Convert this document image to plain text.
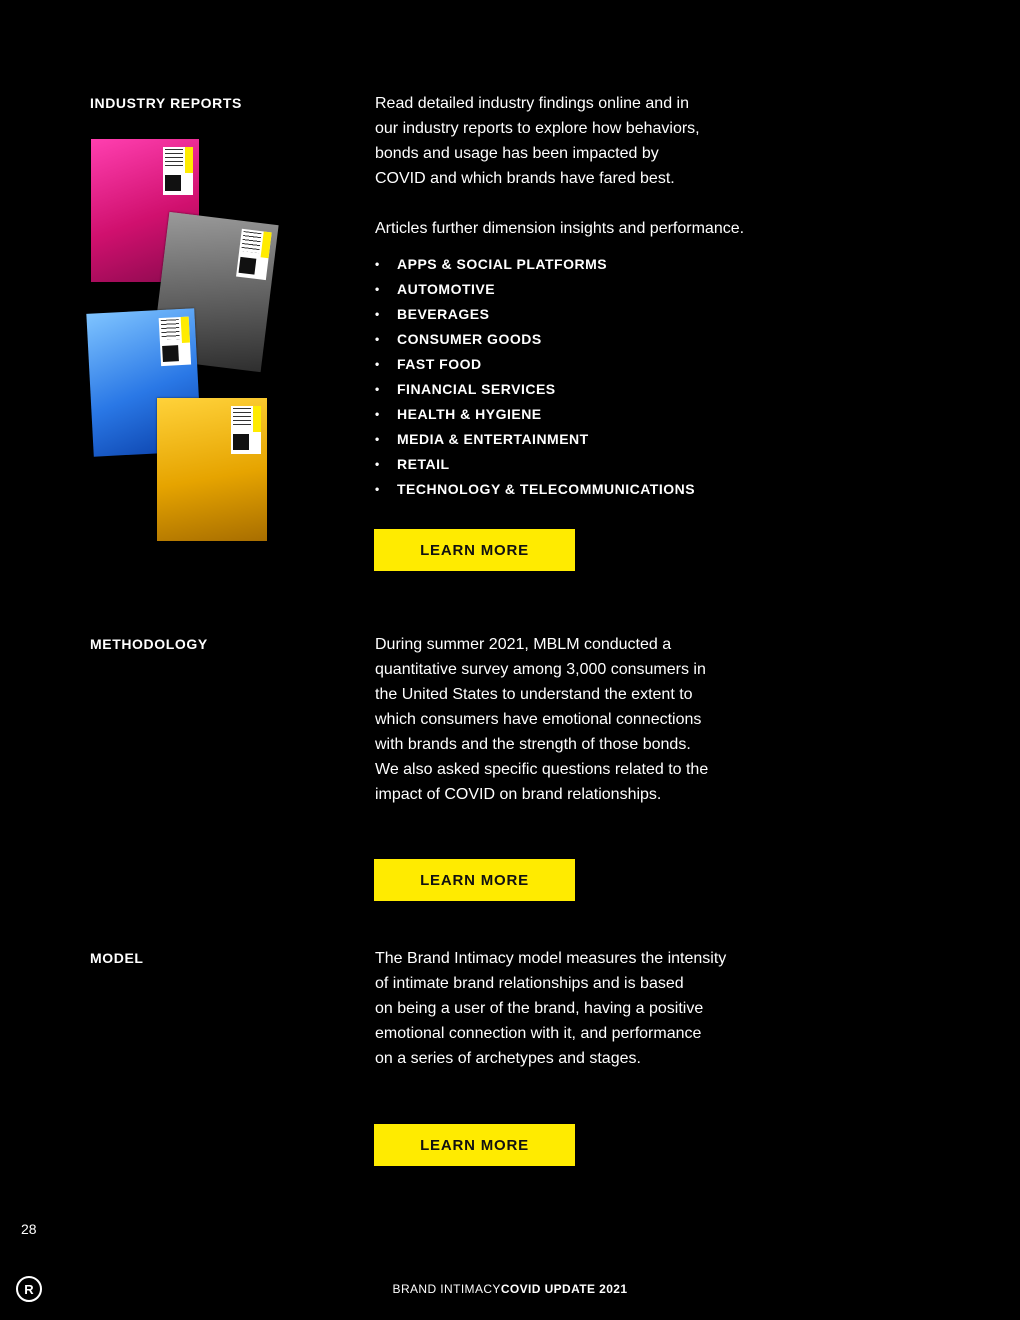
INDUSTRY REPORTS	Read detailed industry findings online and in
our industry reports to explore how behaviors,
bonds and usage has been impacted by
COVID and which brands have fared best.

Articles further dimension insights and performance.

•	APPS & SOCIAL PLATFORMS
•	AUTOMOTIVE
•	BEVERAGES
•	CONSUMER GOODS
•	FAST FOOD
•	FINANCIAL SERVICES
•	HEALTH & HYGIENE
•	MEDIA & ENTERTAINMENT
•	RETAIL
•	TECHNOLOGY & TELECOMMUNICATIONS
LEARN MORE
METHODOLOGY	During summer 2021, MBLM conducted a
quantitative survey among 3,000 consumers in
the United States to understand the extent to
which consumers have emotional connections
with brands and the strength of those bonds.
We also asked specific questions related to the
impact of COVID on brand relationships.

LEARN MORE
MODEL	The Brand Intimacy model measures the intensity
of intimate brand relationships and is based
on being a user of the brand, having a positive
emotional connection with it, and performance
on a series of archetypes and stages.

LEARN MORE
28
R	BRAND INTIMACYCOVID UPDATE 2021
